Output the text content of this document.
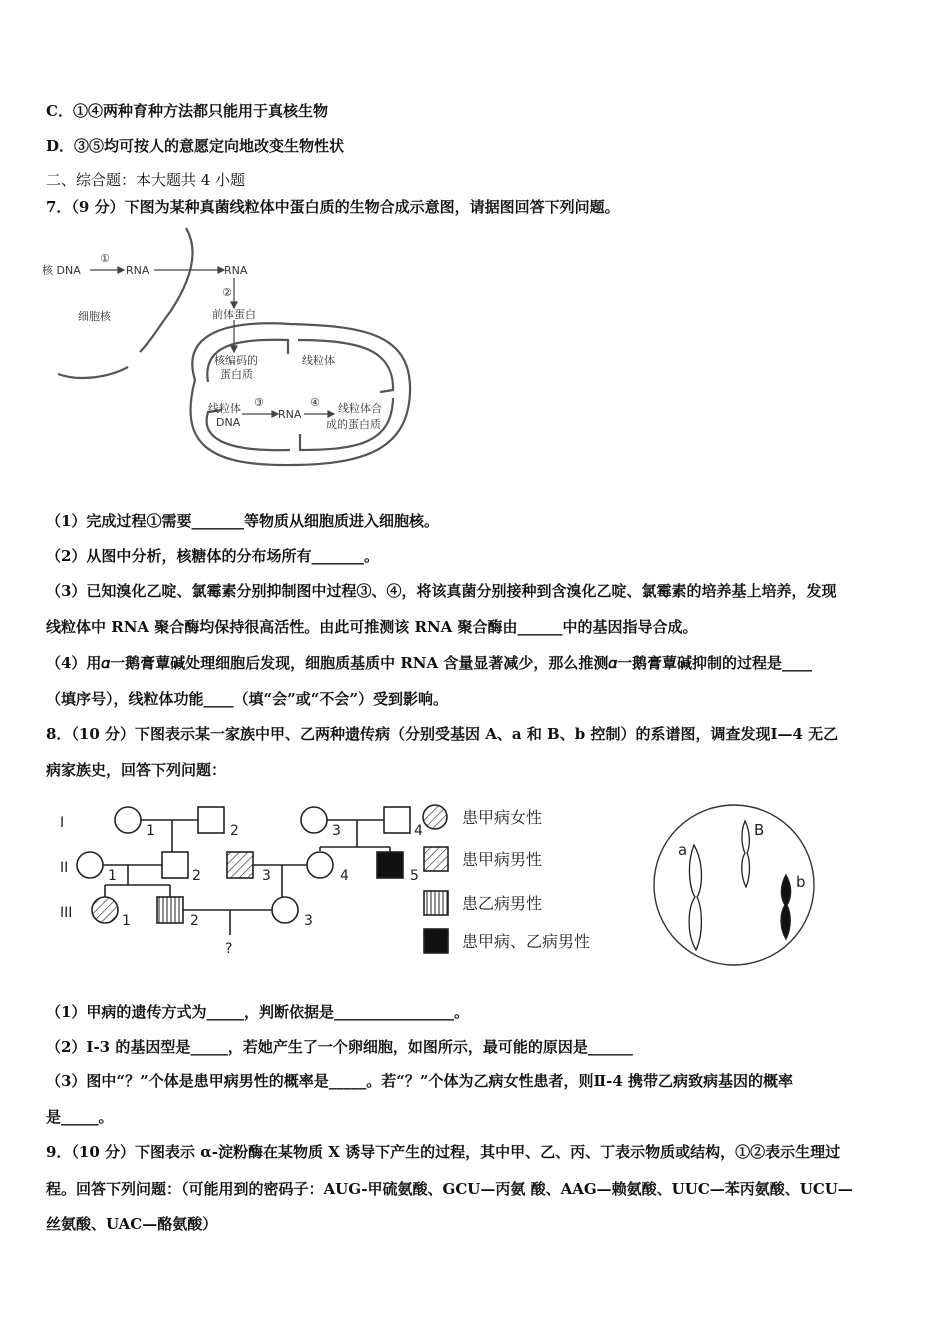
C．①④两种育种方法都只能用于真核生物
D．③⑤均可按人的意愿定向地改变生物性状
二、综合题：本大题共 4 小题
7．（9 分）下图为某种真菌线粒体中蛋白质的生物合成示意图，请据图回答下列问题。
核 DNA	RNA	RNA
①
②
细胞核	前体蛋白
核编码的
蛋白质
线粒体
线粒体
DNA
③
RNA
④ 线粒体合
成的蛋白质
（1）完成过程①需要_______等物质从细胞质进入细胞核。
（2）从图中分析，核糖体的分布场所有_______。
（3）已知溴化乙啶、氯霉素分别抑制图中过程③、④，将该真菌分别接种到含溴化乙啶、氯霉素的培养基上培养，发现
线粒体中 RNA 聚合酶均保持很高活性。由此可推测该 RNA 聚合酶由______中的基因指导合成。
（4）用𝛼一鹅膏蕈碱处理细胞后发现，细胞质基质中 RNA 含量显著减少，那么推测𝛼一鹅膏蕈碱抑制的过程是____
（填序号），线粒体功能____（填“会”或“不会”）受到影响。
8．（10 分）下图表示某一家族中甲、乙两种遗传病（分别受基因 A、a 和 B、b 控制）的系谱图，调查发现Ⅰ—4 无乙
病家族史，回答下列问题：
I
II
III
1	2	3	4
1	2	3	4	5
1	2	3
?
患甲病女性
患甲病男性
患乙病男性
患甲病、乙病男性
a
B
b
（1）甲病的遗传方式为_____，判断依据是________________。
（2）Ⅰ-3 的基因型是_____，若她产生了一个卵细胞，如图所示，最可能的原因是______
（3）图中“？”个体是患甲病男性的概率是_____。若“？”个体为乙病女性患者，则Ⅱ-4 携带乙病致病基因的概率
是_____。
9．（10 分）下图表示 α-淀粉酶在某物质 X 诱导下产生的过程，其中甲、乙、丙、丁表示物质或结构，①②表示生理过
程。回答下列问题：（可能用到的密码子：AUG-甲硫氨酸、GCU—丙氨 酸、AAG—赖氨酸、UUC—苯丙氨酸、UCU—
丝氨酸、UAC—酪氨酸）
